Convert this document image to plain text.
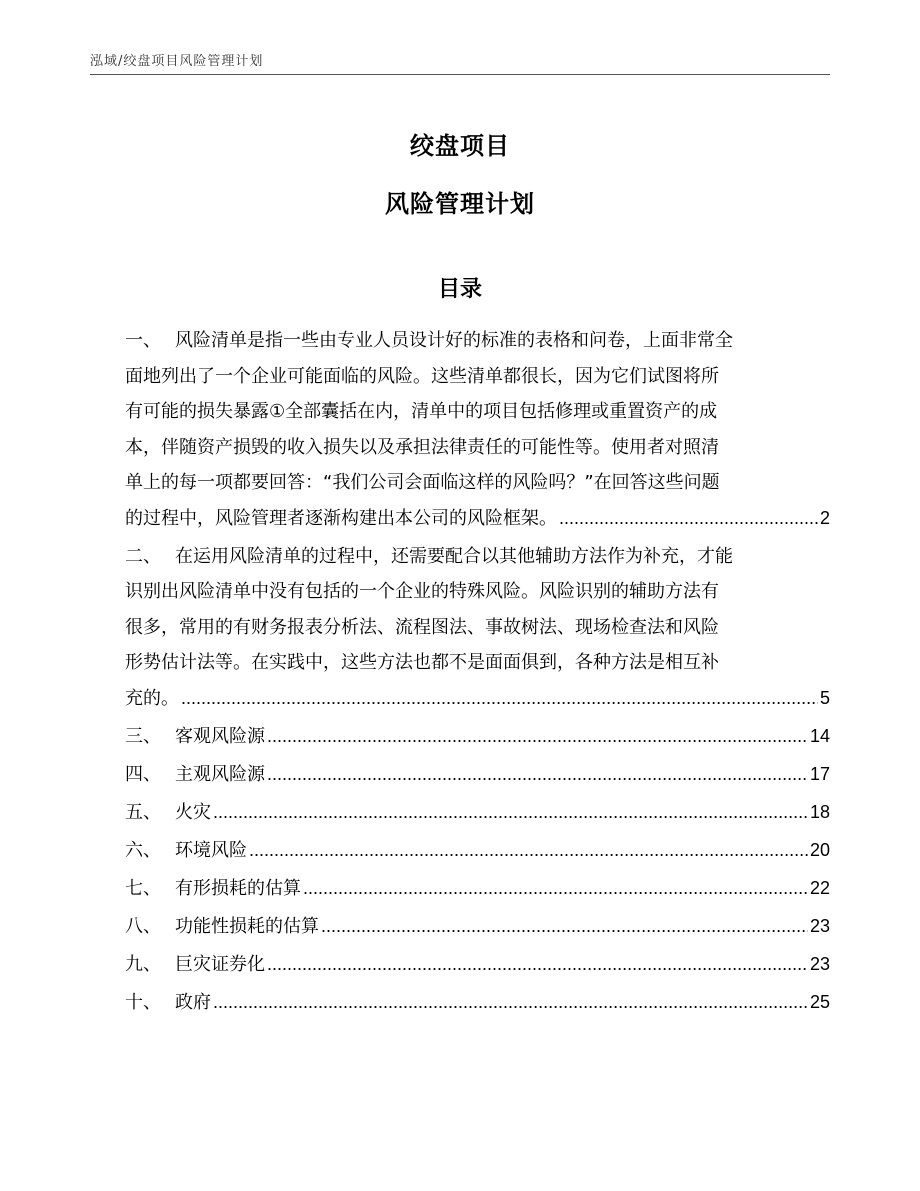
泓域/绞盘项目风险管理计划
绞盘项目
风险管理计划
目录
一、 风险清单是指一些由专业人员设计好的标准的表格和问卷，上面非常全
面地列出了一个企业可能面临的风险。这些清单都很长，因为它们试图将所
有可能的损失暴露①全部囊括在内，清单中的项目包括修理或重置资产的成
本，伴随资产损毁的收入损失以及承担法律责任的可能性等。使用者对照清
单上的每一项都要回答：“我们公司会面临这样的风险吗？”在回答这些问题
的过程中，风险管理者逐渐构建出本公司的风险框架。 .....	2
二、 在运用风险清单的过程中，还需要配合以其他辅助方法作为补充，才能
识别出风险清单中没有包括的一个企业的特殊风险。风险识别的辅助方法有
很多，常用的有财务报表分析法、流程图法、事故树法、现场检查法和风险
形势估计法等。在实践中，这些方法也都不是面面俱到，各种方法是相互补
充的。 .....	5
三、 客观风险源 .....	14
四、 主观风险源 .....	17
五、 火灾 .....	18
六、 环境风险 .....	20
七、 有形损耗的估算 .....	22
八、 功能性损耗的估算 .....	23
九、 巨灾证券化 .....	23
十、 政府 .....	25
